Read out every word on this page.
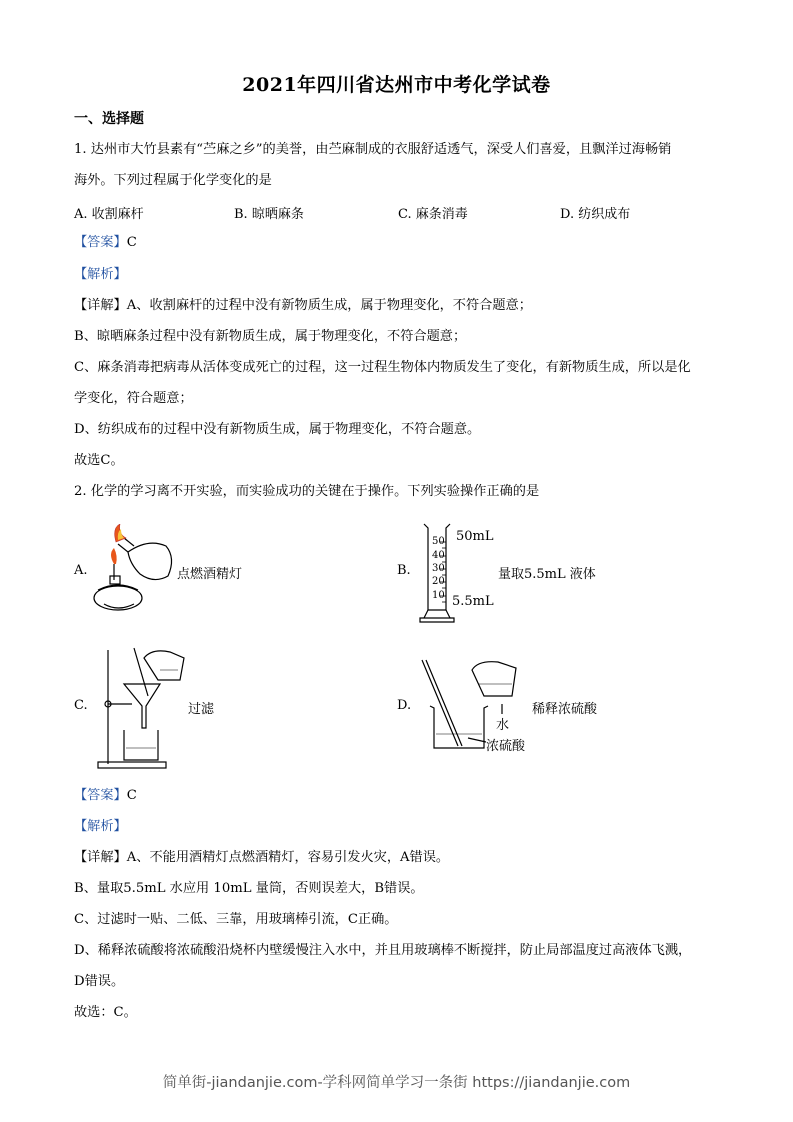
2021年四川省达州市中考化学试卷
一、选择题
1. 达州市大竹县素有“苎麻之乡”的美誉，由苎麻制成的衣服舒适透气，深受人们喜爱，且飘洋过海畅销
海外。下列过程属于化学变化的是
A. 收割麻杆	B. 晾晒麻条	C. 麻条消毒	D. 纺织成布
【答案】C
【解析】
【详解】A、收割麻杆的过程中没有新物质生成，属于物理变化，不符合题意；
B、晾晒麻条过程中没有新物质生成，属于物理变化，不符合题意；
C、麻条消毒把病毒从活体变成死亡的过程，这一过程生物体内物质发生了变化，有新物质生成，所以是化
学变化，符合题意；
D、纺织成布的过程中没有新物质生成，属于物理变化，不符合题意。
故选C。
2. 化学的学习离不开实验，而实验成功的关键在于操作。下列实验操作正确的是
A.	点燃酒精灯	B.
50
40
30
20
10
50mL
5.5mL
量取5.5mL 液体
C.	过滤	D.
水
浓硫酸
稀释浓硫酸
【答案】C
【解析】
【详解】A、不能用酒精灯点燃酒精灯，容易引发火灾，A错误。
B、量取5.5mL 水应用 10mL 量筒，否则误差大，B错误。
C、过滤时一贴、二低、三靠，用玻璃棒引流，C正确。
D、稀释浓硫酸将浓硫酸沿烧杯内壁缓慢注入水中，并且用玻璃棒不断搅拌，防止局部温度过高液体飞溅，
D错误。
故选：C。
简单街-jiandanjie.com-学科网简单学习一条街 https://jiandanjie.com
